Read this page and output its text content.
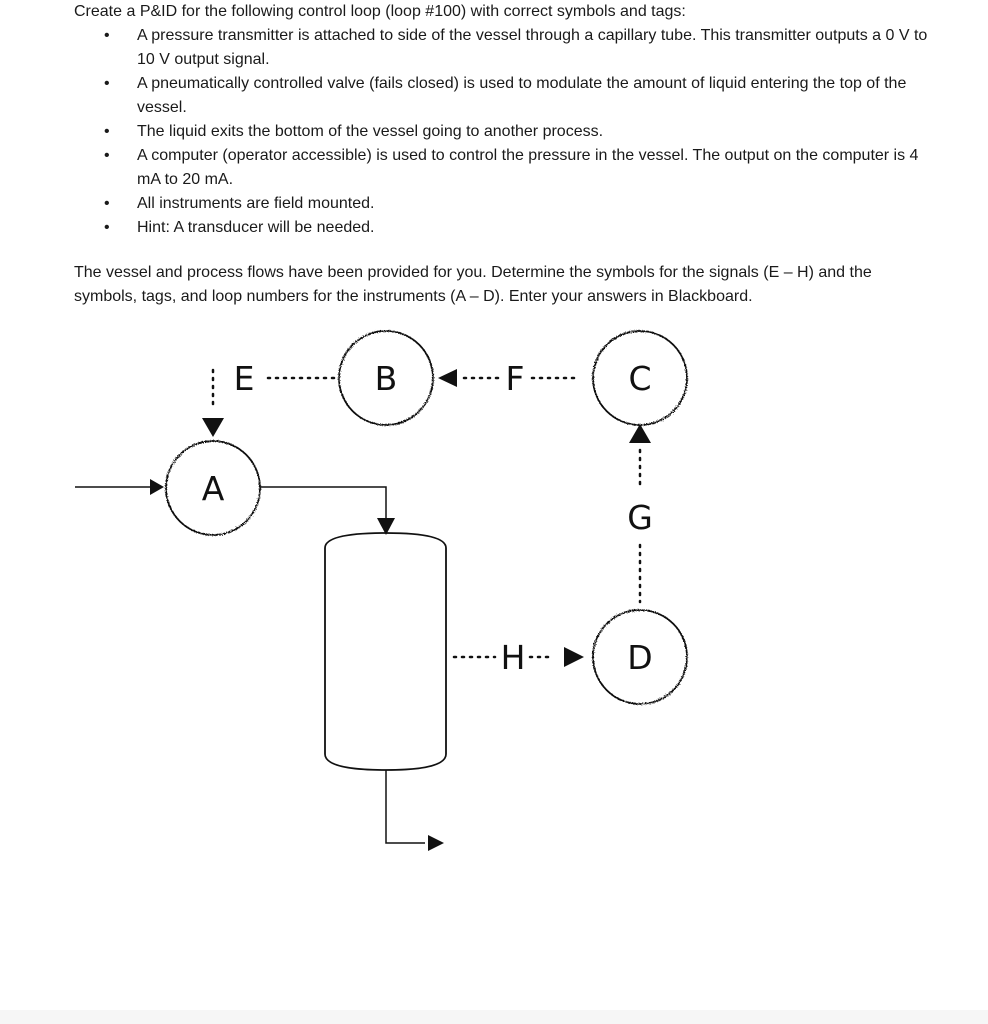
Create a P&ID for the following control loop (loop #100) with correct symbols and tags:

• A pressure transmitter is attached to side of the vessel through a capillary tube. This transmitter outputs a 0 V to 10 V output signal.
• A pneumatically controlled valve (fails closed) is used to modulate the amount of liquid entering the top of the vessel.
• The liquid exits the bottom of the vessel going to another process.
• A computer (operator accessible) is used to control the pressure in the vessel. The output on the computer is 4 mA to 20 mA.
• All instruments are field mounted.
• Hint: A transducer will be needed.

The vessel and process flows have been provided for you. Determine the symbols for the signals (E – H) and the symbols, tags, and loop numbers for the instruments (A – D). Enter your answers in Blackboard.

A
B	C
D
E	F
G
H
